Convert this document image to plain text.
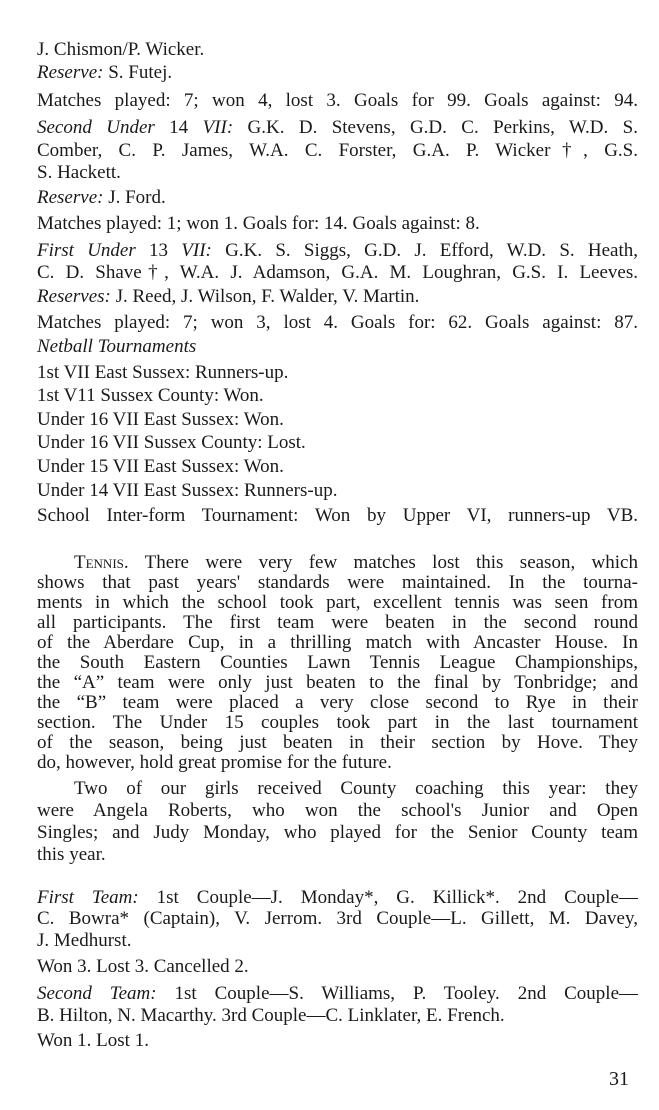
J. Chismon/P. Wicker.
Reserve: S. Futej.
Matches played: 7; won 4, lost 3. Goals for 99. Goals against: 94.
Second Under 14 VII: G.K. D. Stevens, G.D. C. Perkins, W.D. S.
Comber, C. P. James, W.A. C. Forster, G.A. P. Wicker†, G.S.
S. Hackett.
Reserve: J. Ford.
Matches played: 1; won 1. Goals for: 14. Goals against: 8.
First Under 13 VII: G.K. S. Siggs, G.D. J. Efford, W.D. S. Heath,
C. D. Shave†, W.A. J. Adamson, G.A. M. Loughran, G.S. I. Leeves.
Reserves: J. Reed, J. Wilson, F. Walder, V. Martin.
Matches played: 7; won 3, lost 4. Goals for: 62. Goals against: 87.
Netball Tournaments
1st VII East Sussex: Runners-up.
1st V11 Sussex County: Won.
Under 16 VII East Sussex: Won.
Under 16 VII Sussex County: Lost.
Under 15 VII East Sussex: Won.
Under 14 VII East Sussex: Runners-up.
School Inter-form Tournament: Won by Upper VI, runners-up VB.
Tennis. There were very few matches lost this season, which
shows that past years' standards were maintained. In the tourna-
ments in which the school took part, excellent tennis was seen from
all participants. The first team were beaten in the second round
of the Aberdare Cup, in a thrilling match with Ancaster House. In
the South Eastern Counties Lawn Tennis League Championships,
the “A” team were only just beaten to the final by Tonbridge; and
the “B” team were placed a very close second to Rye in their
section. The Under 15 couples took part in the last tournament
of the season, being just beaten in their section by Hove. They
do, however, hold great promise for the future.
Two of our girls received County coaching this year: they
were Angela Roberts, who won the school's Junior and Open
Singles; and Judy Monday, who played for the Senior County team
this year.
First Team: 1st Couple—J. Monday*, G. Killick*. 2nd Couple—
C. Bowra* (Captain), V. Jerrom. 3rd Couple—L. Gillett, M. Davey,
J. Medhurst.
Won 3. Lost 3. Cancelled 2.
Second Team: 1st Couple—S. Williams, P. Tooley. 2nd Couple—
B. Hilton, N. Macarthy. 3rd Couple—C. Linklater, E. French.
Won 1. Lost 1.
31
